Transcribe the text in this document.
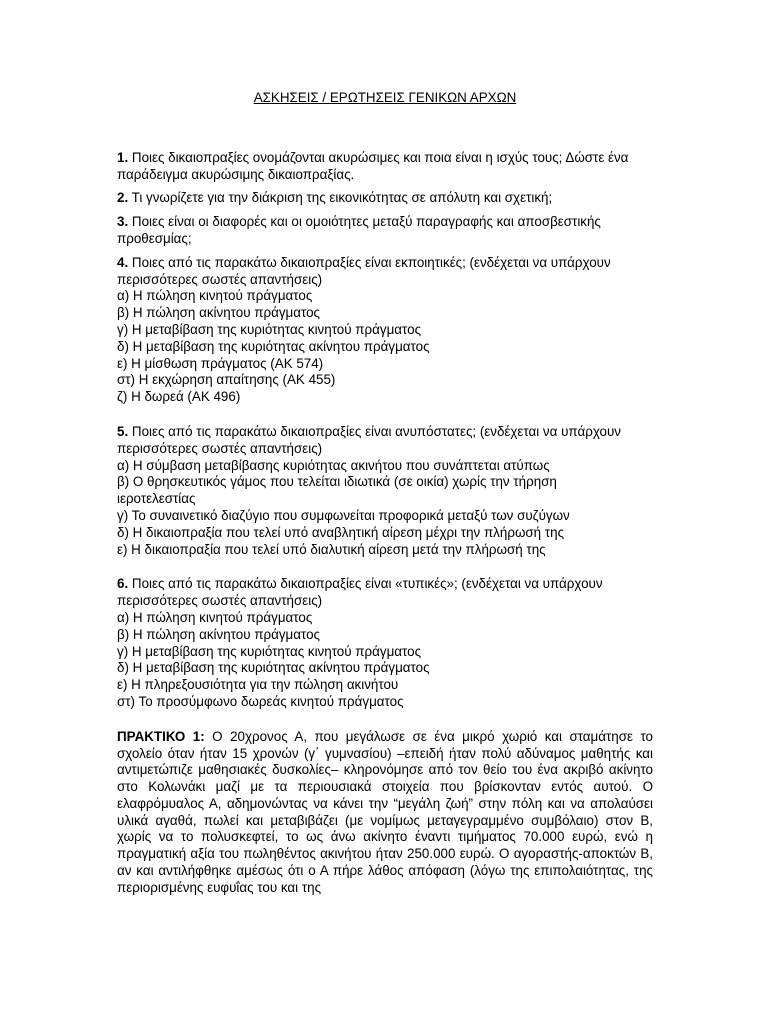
ΑΣΚΗΣΕΙΣ / ΕΡΩΤΗΣΕΙΣ ΓΕΝΙΚΩΝ ΑΡΧΩΝ

1. Ποιες δικαιοπραξίες ονομάζονται ακυρώσιμες και ποια είναι η ισχύς τους; Δώστε ένα παράδειγμα ακυρώσιμης δικαιοπραξίας.

2. Τι γνωρίζετε για την διάκριση της εικονικότητας σε απόλυτη και σχετική;

3. Ποιες είναι οι διαφορές και οι ομοιότητες μεταξύ παραγραφής και αποσβεστικής προθεσμίας;

4. Ποιες από τις παρακάτω δικαιοπραξίες είναι εκποιητικές; (ενδέχεται να υπάρχουν περισσότερες σωστές απαντήσεις)

α) Η πώληση κινητού πράγματος
β) Η πώληση ακίνητου πράγματος
γ) Η μεταβίβαση της κυριότητας κινητού πράγματος
δ) Η μεταβίβαση της κυριότητας ακίνητου πράγματος
ε) Η μίσθωση πράγματος (ΑΚ 574)
στ) Η εκχώρηση απαίτησης (ΑΚ 455)
ζ) Η δωρεά (ΑΚ 496)

5. Ποιες από τις παρακάτω δικαιοπραξίες είναι ανυπόστατες; (ενδέχεται να υπάρχουν περισσότερες σωστές απαντήσεις)

α) Η σύμβαση μεταβίβασης κυριότητας ακινήτου που συνάπτεται ατύπως
β) Ο θρησκευτικός γάμος που τελείται ιδιωτικά (σε οικία) χωρίς την τήρηση
ιεροτελεστίας
γ) Το συναινετικό διαζύγιο που συμφωνείται προφορικά μεταξύ των συζύγων
δ) Η δικαιοπραξία που τελεί υπό αναβλητική αίρεση μέχρι την πλήρωσή της
ε) Η δικαιοπραξία που τελεί υπό διαλυτική αίρεση μετά την πλήρωσή της

6. Ποιες από τις παρακάτω δικαιοπραξίες είναι «τυπικές»; (ενδέχεται να υπάρχουν περισσότερες σωστές απαντήσεις)

α) Η πώληση κινητού πράγματος
β) Η πώληση ακίνητου πράγματος
γ) Η μεταβίβαση της κυριότητας κινητού πράγματος
δ) Η μεταβίβαση της κυριότητας ακίνητου πράγματος
ε) Η πληρεξουσιότητα για την πώληση ακινήτου
στ) Το προσύμφωνο δωρεάς κινητού πράγματος

ΠΡΑΚΤΙΚΟ 1: Ο 20χρονος Α, που μεγάλωσε σε ένα μικρό χωριό και σταμάτησε το σχολείο όταν ήταν 15 χρονών (γ΄ γυμνασίου) –επειδή ήταν πολύ αδύναμος μαθητής και αντιμετώπιζε μαθησιακές δυσκολίες– κληρονόμησε από τον θείο του ένα ακριβό ακίνητο στο Κολωνάκι μαζί με τα περιουσιακά στοιχεία που βρίσκονταν εντός αυτού. Ο ελαφρόμυαλος Α, αδημονώντας να κάνει την “μεγάλη ζωή” στην πόλη και να απολαύσει υλικά αγαθά, πωλεί και μεταβιβάζει (με νομίμως μεταγεγραμμένο συμβόλαιο) στον Β, χωρίς να το πολυσκεφτεί, το ως άνω ακίνητο έναντι τιμήματος 70.000 ευρώ, ενώ η πραγματική αξία του πωληθέντος ακινήτου ήταν 250.000 ευρώ. Ο αγοραστής-αποκτών Β, αν και αντιλήφθηκε αμέσως ότι ο Α πήρε λάθος απόφαση (λόγω της επιπολαιότητας, της περιορισμένης ευφυΐας του και της
